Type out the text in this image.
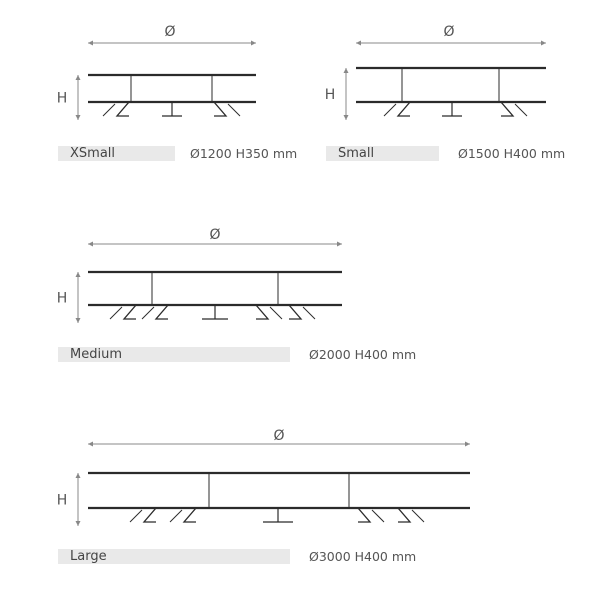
Ø
H
Ø
H
Ø
H
Ø
H
XSmall	Ø1200 H350 mm	Small	Ø1500 H400 mm
Medium	Ø2000 H400 mm
Large	Ø3000 H400 mm
